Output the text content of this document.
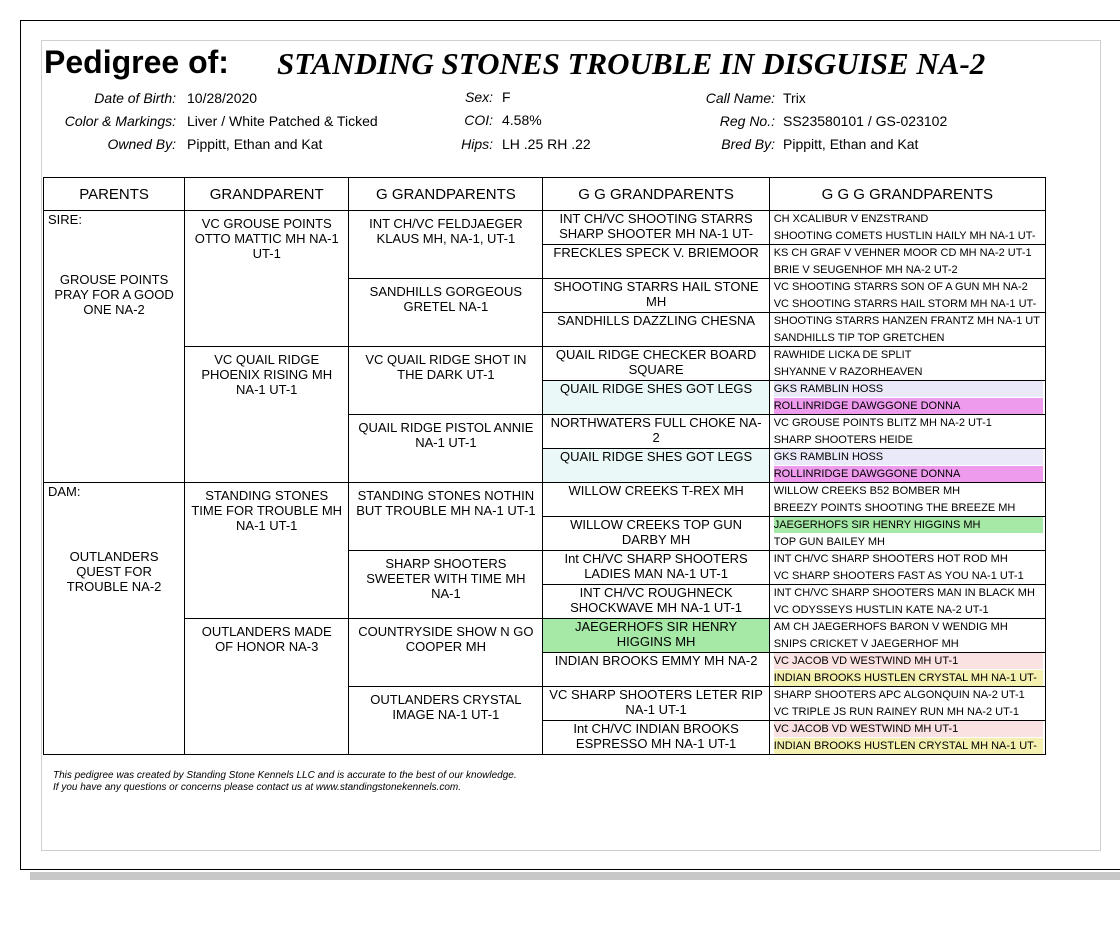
Pedigree of: STANDING STONES TROUBLE IN DISGUISE NA-2
Date of Birth: 10/28/2020
Color & Markings: Liver / White Patched & Ticked
Owned By: Pippitt, Ethan and Kat
Sex: F
COI: 4.58%
Hips: LH .25 RH .22
Call Name: Trix
Reg No.: SS23580101 / GS-023102
Bred By: Pippitt, Ethan and Kat
PARENTS	GRANDPARENT	G GRANDPARENTS	G G GRANDPARENTS	G G G GRANDPARENTS

SIRE:
GROUSE POINTS PRAY FOR A GOOD ONE NA-2	VC GROUSE POINTS OTTO MATTIC MH NA-1 UT-1	INT CH/VC FELDJAEGER KLAUS MH, NA-1, UT-1	INT CH/VC SHOOTING STARRS SHARP SHOOTER MH NA-1 UT-	CH XCALIBUR V ENZSTRAND

				SHOOTING COMETS HUSTLIN HAILY MH NA-1 UT-

			FRECKLES SPECK V. BRIEMOOR	KS CH GRAF V VEHNER MOOR CD MH NA-2 UT-1

				BRIE V SEUGENHOF MH NA-2 UT-2

		SANDHILLS GORGEOUS GRETEL NA-1	SHOOTING STARRS HAIL STONE MH	VC SHOOTING STARRS SON OF A GUN MH NA-2

				VC SHOOTING STARRS HAIL STORM MH NA-1 UT-

			SANDHILLS DAZZLING CHESNA	SHOOTING STARRS HANZEN FRANTZ MH NA-1 UT

				SANDHILLS TIP TOP GRETCHEN

	VC QUAIL RIDGE PHOENIX RISING MH NA-1 UT-1	VC QUAIL RIDGE SHOT IN THE DARK UT-1	QUAIL RIDGE CHECKER BOARD SQUARE	RAWHIDE LICKA DE SPLIT

				SHYANNE V RAZORHEAVEN

			QUAIL RIDGE SHES GOT LEGS	GKS RAMBLIN HOSS

				ROLLINRIDGE DAWGGONE DONNA

		QUAIL RIDGE PISTOL ANNIE NA-1 UT-1	NORTHWATERS FULL CHOKE NA-2	VC GROUSE POINTS BLITZ MH NA-2 UT-1

				SHARP SHOOTERS HEIDE

			QUAIL RIDGE SHES GOT LEGS	GKS RAMBLIN HOSS

				ROLLINRIDGE DAWGGONE DONNA

DAM:
OUTLANDERS QUEST FOR TROUBLE NA-2	STANDING STONES TIME FOR TROUBLE MH NA-1 UT-1	STANDING STONES NOTHIN BUT TROUBLE MH NA-1 UT-1	WILLOW CREEKS T-REX MH	WILLOW CREEKS B52 BOMBER MH

				BREEZY POINTS SHOOTING THE BREEZE MH

			WILLOW CREEKS TOP GUN DARBY MH	JAEGERHOFS SIR HENRY HIGGINS MH

				TOP GUN BAILEY MH

		SHARP SHOOTERS SWEETER WITH TIME MH NA-1	Int CH/VC SHARP SHOOTERS LADIES MAN NA-1 UT-1	INT CH/VC SHARP SHOOTERS HOT ROD MH

				VC SHARP SHOOTERS FAST AS YOU NA-1 UT-1

			INT CH/VC ROUGHNECK SHOCKWAVE MH NA-1 UT-1	INT CH/VC SHARP SHOOTERS MAN IN BLACK MH

				VC ODYSSEYS HUSTLIN KATE NA-2 UT-1

	OUTLANDERS MADE OF HONOR NA-3	COUNTRYSIDE SHOW N GO COOPER MH	JAEGERHOFS SIR HENRY HIGGINS MH	AM CH JAEGERHOFS BARON V WENDIG MH

				SNIPS CRICKET V JAEGERHOF MH

			INDIAN BROOKS EMMY MH NA-2	VC JACOB VD WESTWIND MH UT-1

				INDIAN BROOKS HUSTLEN CRYSTAL MH NA-1 UT-

		OUTLANDERS CRYSTAL IMAGE NA-1 UT-1	VC SHARP SHOOTERS LETER RIP NA-1 UT-1	SHARP SHOOTERS APC ALGONQUIN NA-2 UT-1

				VC TRIPLE JS RUN RAINEY RUN MH NA-2 UT-1

			Int CH/VC INDIAN BROOKS ESPRESSO MH NA-1 UT-1	VC JACOB VD WESTWIND MH UT-1

				INDIAN BROOKS HUSTLEN CRYSTAL MH NA-1 UT-
This pedigree was created by Standing Stone Kennels LLC and is accurate to the best of our knowledge.
If you have any questions or concerns please contact us at www.standingstonekennels.com.
